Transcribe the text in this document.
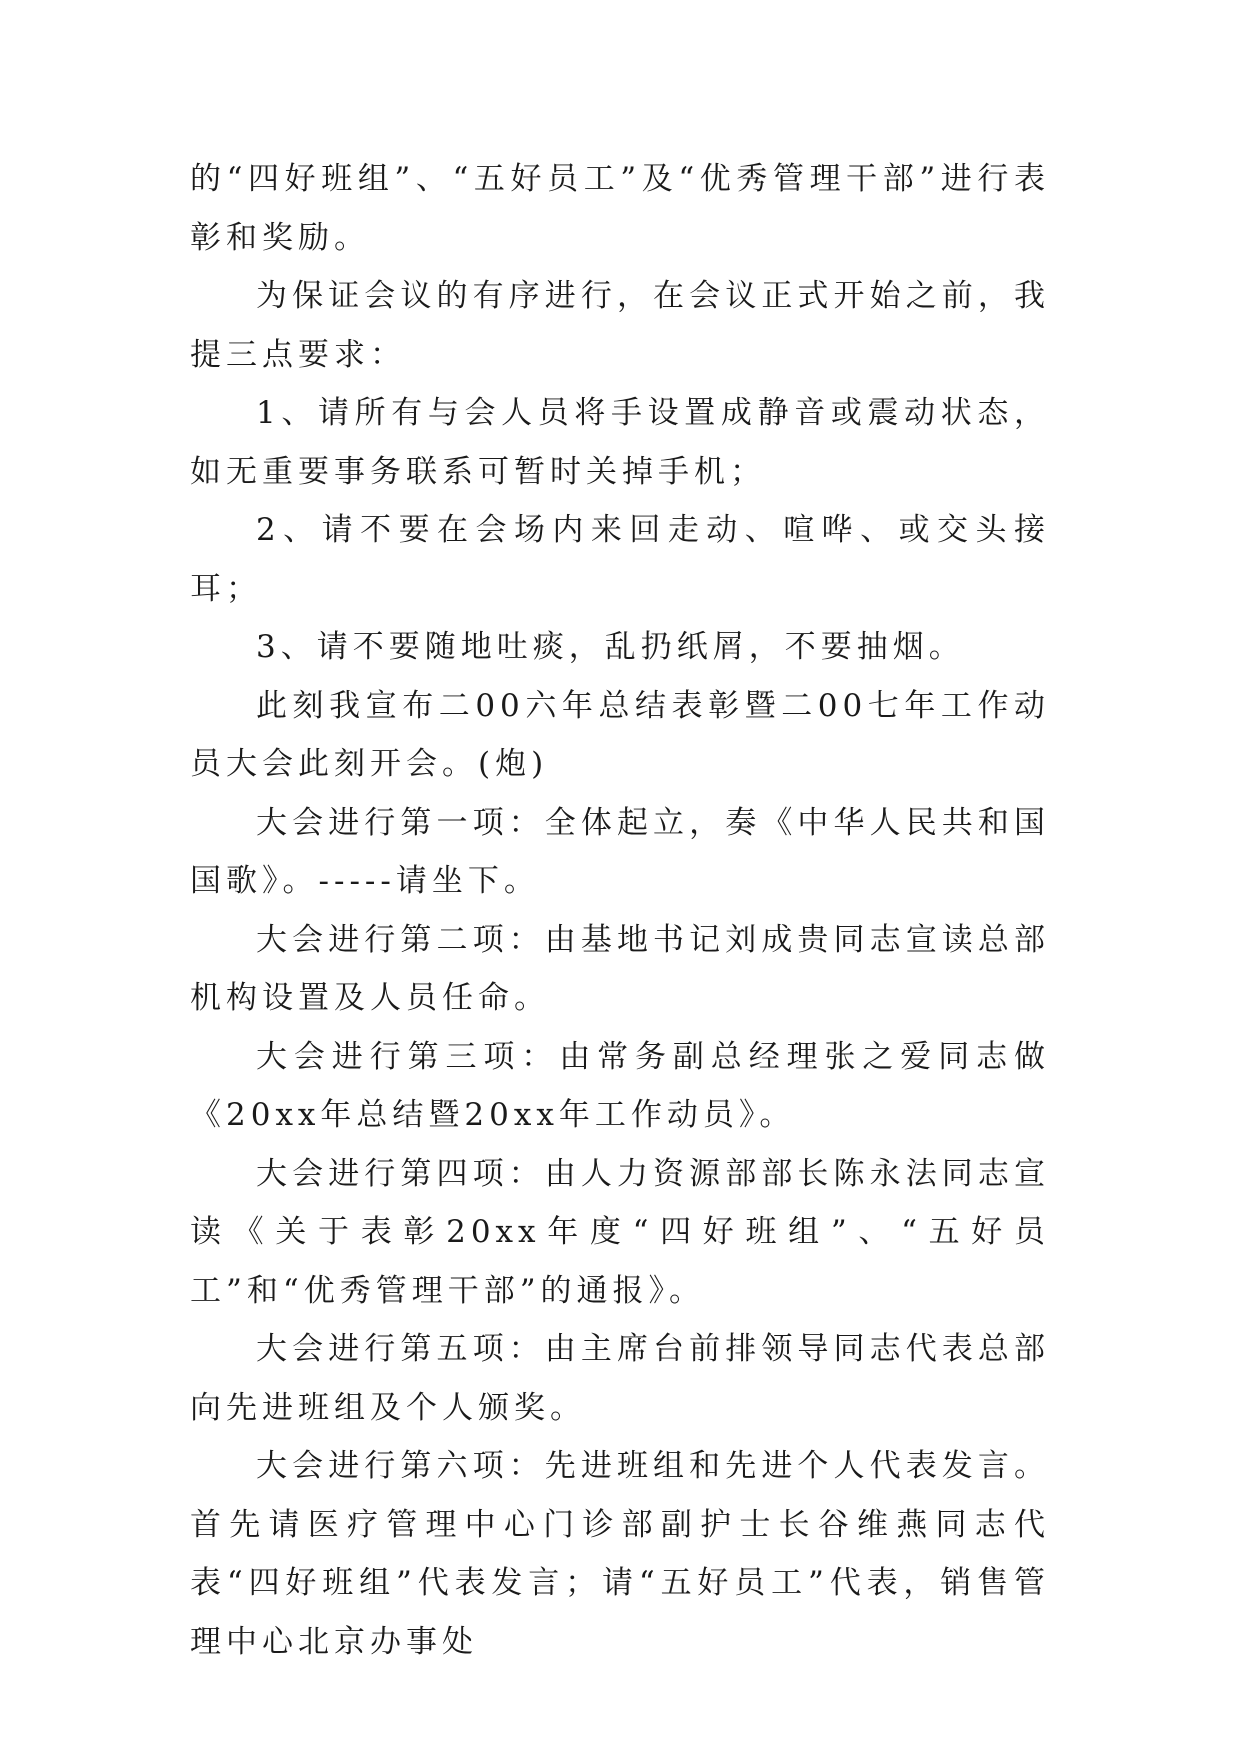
的“四好班组”、“五好员工”及“优秀管理干部”进行表彰和奖励。

为保证会议的有序进行，在会议正式开始之前，我提三点要求：

1、请所有与会人员将手设置成静音或震动状态，如无重要事务联系可暂时关掉手机；

2、请不要在会场内来回走动、喧哗、或交头接耳；

3、请不要随地吐痰，乱扔纸屑，不要抽烟。

此刻我宣布二00六年总结表彰暨二00七年工作动员大会此刻开会。(炮)

大会进行第一项：全体起立，奏《中华人民共和国国歌》。-----请坐下。

大会进行第二项：由基地书记刘成贵同志宣读总部机构设置及人员任命。

大会进行第三项：由常务副总经理张之爱同志做《20xx年总结暨20xx年工作动员》。

大会进行第四项：由人力资源部部长陈永法同志宣读《关于表彰20xx年度“四好班组”、“五好员工”和“优秀管理干部”的通报》。

大会进行第五项：由主席台前排领导同志代表总部向先进班组及个人颁奖。

大会进行第六项：先进班组和先进个人代表发言。首先请医疗管理中心门诊部副护士长谷维燕同志代表“四好班组”代表发言；请“五好员工”代表，销售管理中心北京办事处
